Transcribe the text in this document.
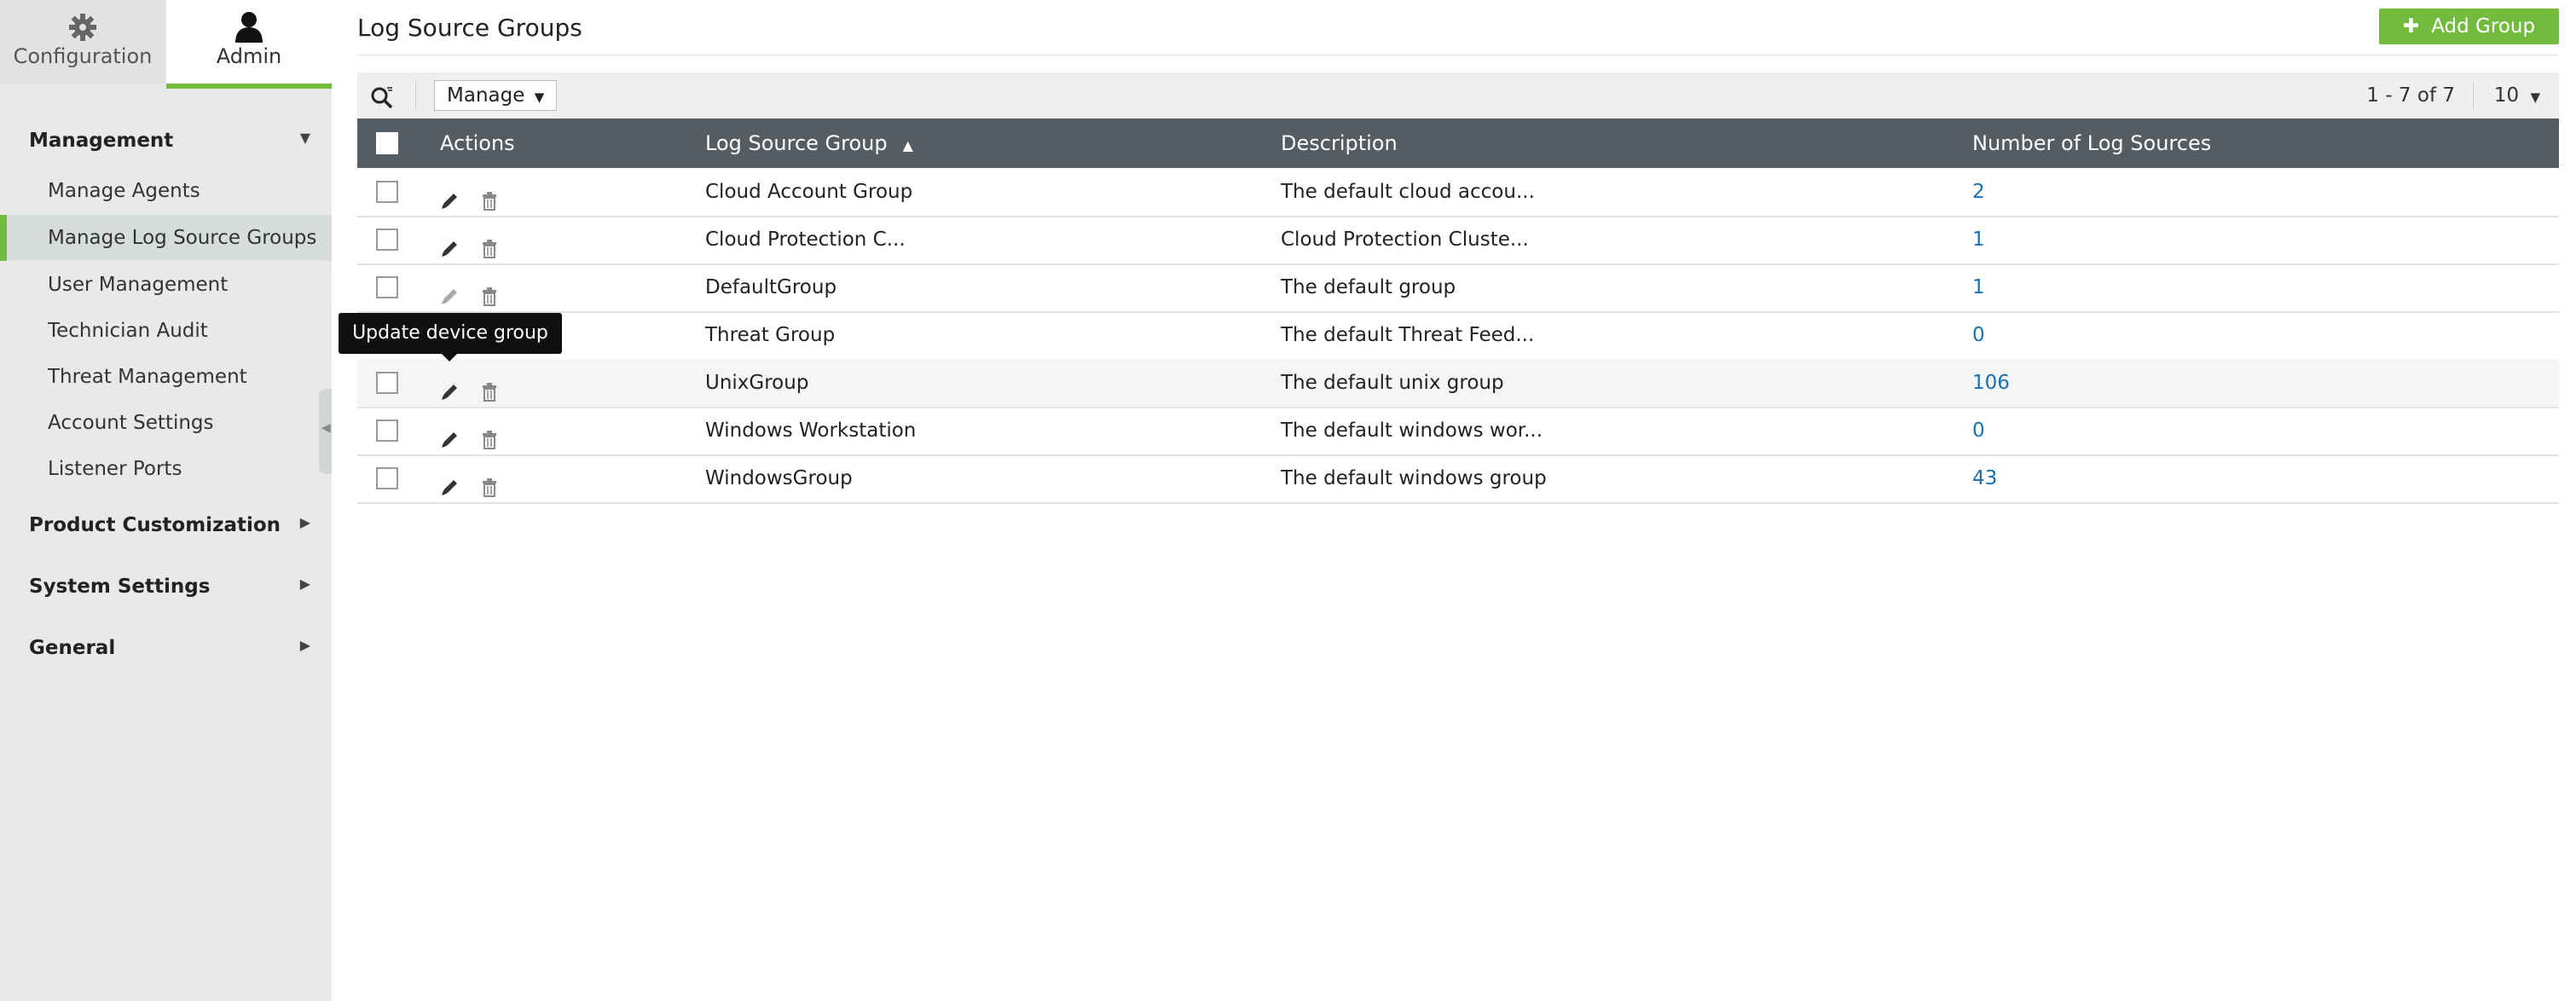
Configuration	Admin
Management	▼
Manage Agents
Manage Log Source Groups
User Management
Technician Audit
Threat Management
Account Settings
Listener Ports
Product Customization ▶
System Settings	▶
General	▶
◀
Log Source Groups	✚ Add Group
Manage ▼	1 - 7 of 7 10 ▼
Actions	Log Source Group ▲	Description	Number of Log Sources
Cloud Account Group	The default cloud accou...	2
Cloud Protection C...	Cloud Protection Cluste...	1
DefaultGroup	The default group	1
Threat Group	The default Threat Feed...	0
UnixGroup	The default unix group	106
Windows Workstation	The default windows wor...	0
WindowsGroup	The default windows group	43
Update device group
